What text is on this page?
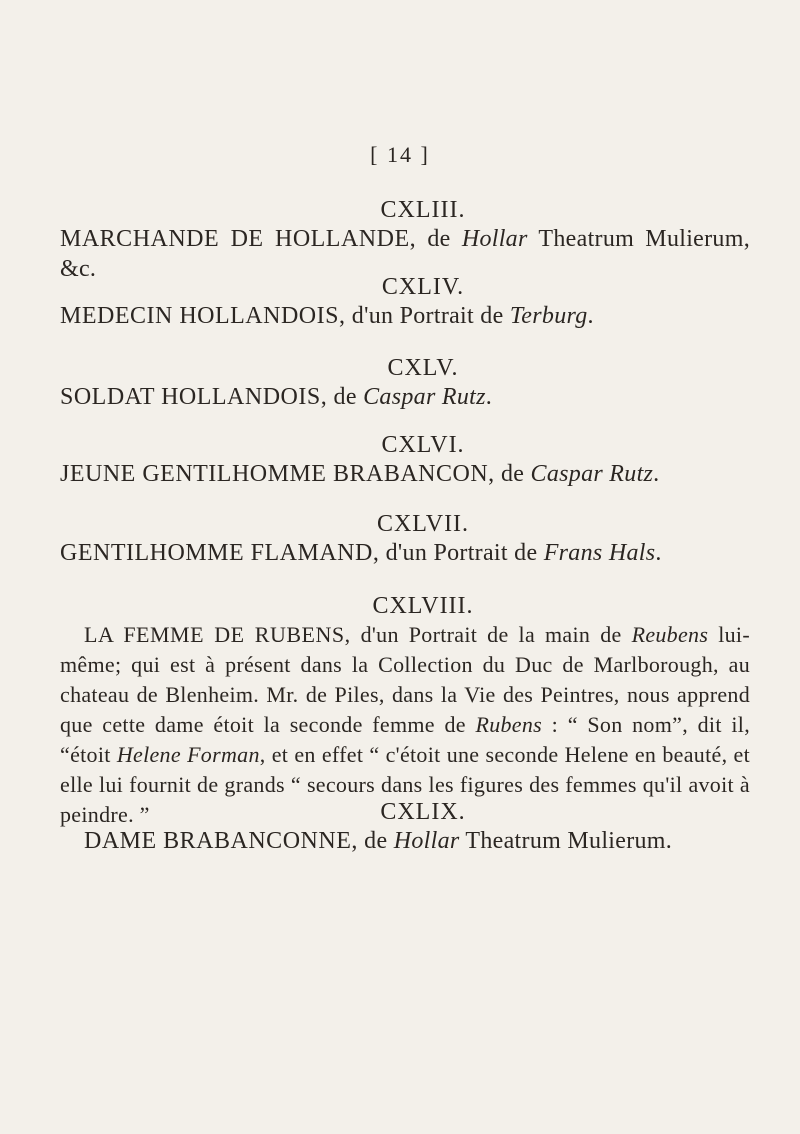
[ 14 ]
CXLIII.
MARCHANDE DE HOLLANDE, de Hollar Theatrum Mulierum, &c.
CXLIV.
MEDECIN HOLLANDOIS, d'un Portrait de Terburg.
CXLV.
SOLDAT HOLLANDOIS, de Caspar Rutz.
CXLVI.
JEUNE GENTILHOMME BRABANCON, de Caspar Rutz.
CXLVII.
GENTILHOMME FLAMAND, d'un Portrait de Frans Hals.
CXLVIII.
LA FEMME DE RUBENS, d'un Portrait de la main de Reubens lui-même; qui est à présent dans la Collection du Duc de Marlborough, au chateau de Blenheim. Mr. de Piles, dans la Vie des Peintres, nous apprend que cette dame étoit la seconde femme de Rubens : “ Son nom”, dit il, “étoit Helene Forman, et en effet “ c'étoit une seconde Helene en beauté, et elle lui fournit de grands “ secours dans les figures des femmes qu'il avoit à peindre. ”	CXLIX.
DAME BRABANCONNE, de Hollar Theatrum Mulierum.
